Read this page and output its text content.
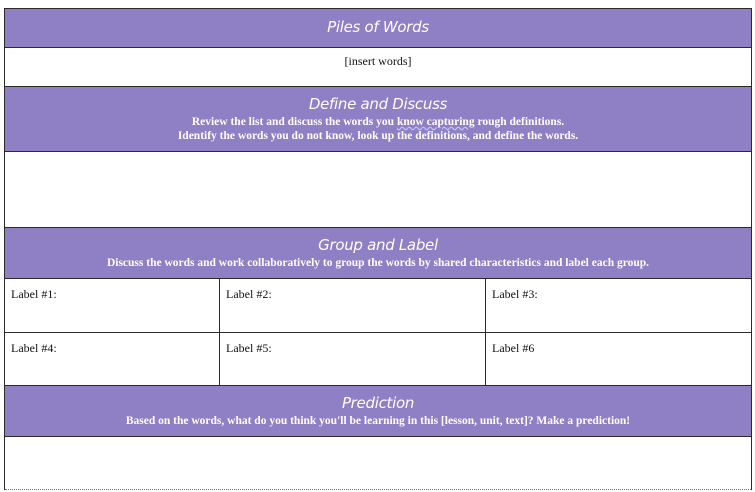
Piles of Words
[insert words]
Define and Discuss
Review the list and discuss the words you know capturing rough definitions.
Identify the words you do not know, look up the definitions, and define the words.
Group and Label
Discuss the words and work collaboratively to group the words by shared characteristics and label each group.
Label #1:	Label #2:	Label #3:
Label #4:	Label #5:	Label #6
Prediction
Based on the words, what do you think you'll be learning in this [lesson, unit, text]? Make a prediction!
